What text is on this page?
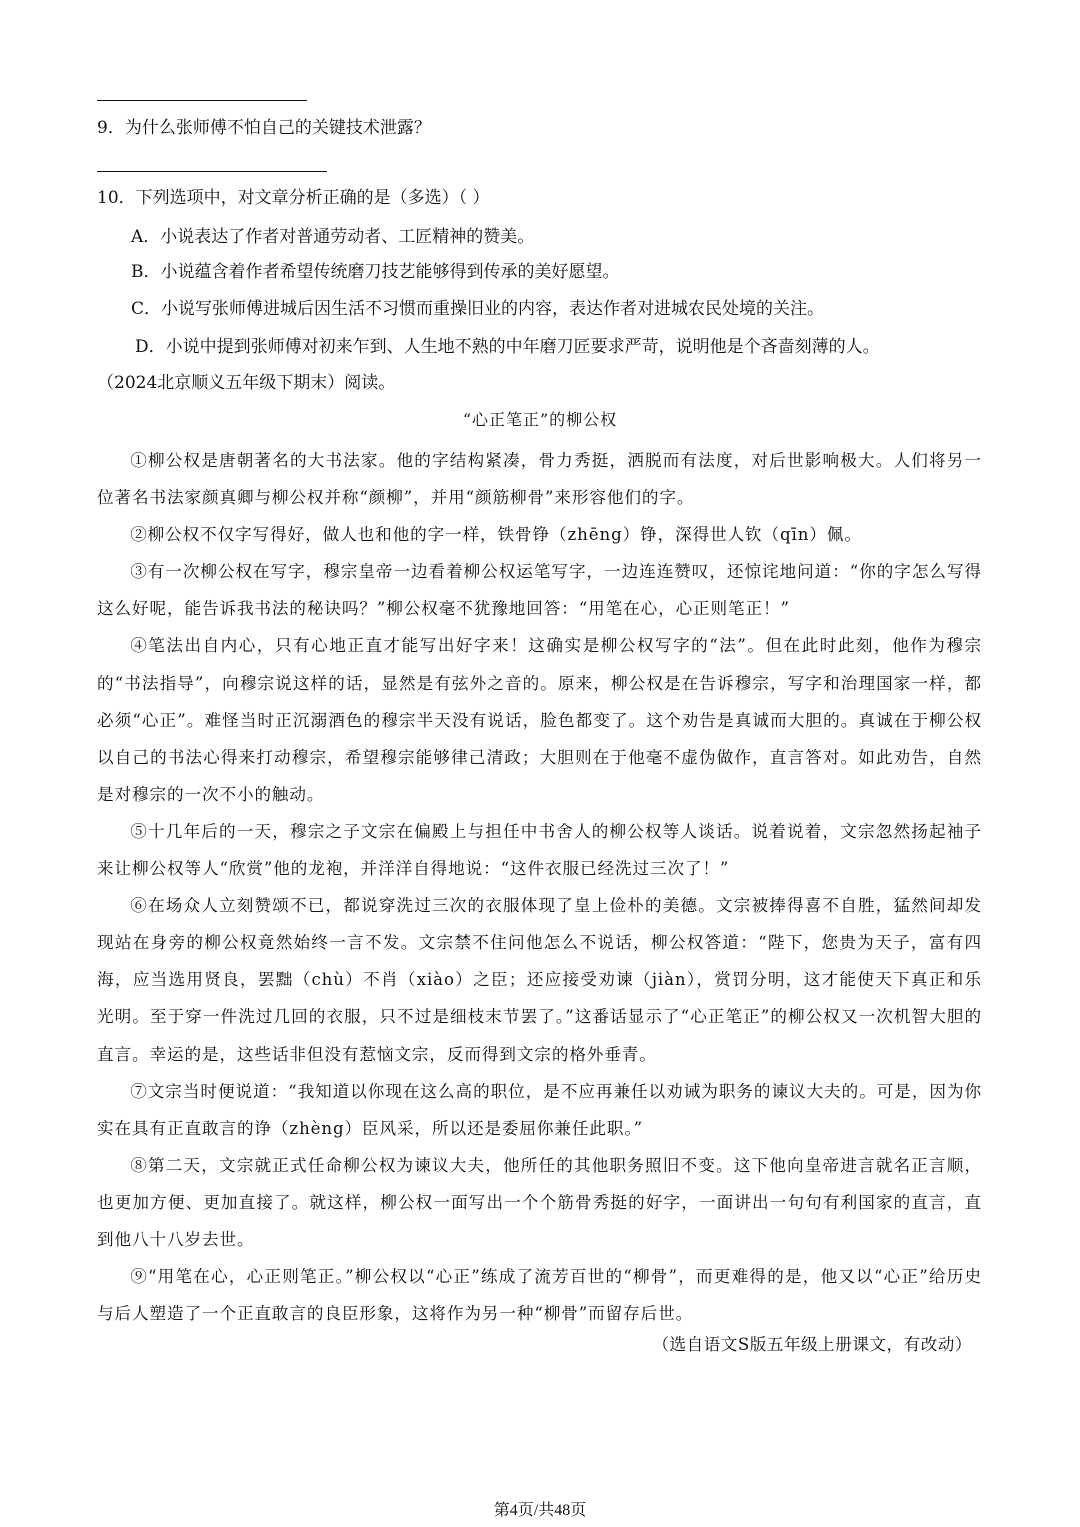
9．为什么张师傅不怕自己的关键技术泄露？
10．下列选项中，对文章分析正确的是（多选）（ ）
A．小说表达了作者对普通劳动者、工匠精神的赞美。
B．小说蕴含着作者希望传统磨刀技艺能够得到传承的美好愿望。
C．小说写张师傅进城后因生活不习惯而重操旧业的内容，表达作者对进城农民处境的关注。
D．小说中提到张师傅对初来乍到、人生地不熟的中年磨刀匠要求严苛，说明他是个吝啬刻薄的人。
（2024北京顺义五年级下期末）阅读。
“心正笔正”的柳公权

①柳公权是唐朝著名的大书法家。他的字结构紧凑，骨力秀挺，洒脱而有法度，对后世影响极大。人们将另一位著名书法家颜真卿与柳公权并称“颜柳”，并用“颜筋柳骨”来形容他们的字。

②柳公权不仅字写得好，做人也和他的字一样，铁骨铮（zhēng）铮，深得世人钦（qīn）佩。

③有一次柳公权在写字，穆宗皇帝一边看着柳公权运笔写字，一边连连赞叹，还惊诧地问道：“你的字怎么写得这么好呢，能告诉我书法的秘诀吗？”柳公权毫不犹豫地回答：“用笔在心，心正则笔正！”

④笔法出自内心，只有心地正直才能写出好字来！这确实是柳公权写字的“法”。但在此时此刻，他作为穆宗的“书法指导”，向穆宗说这样的话，显然是有弦外之音的。原来，柳公权是在告诉穆宗，写字和治理国家一样，都必须“心正”。难怪当时正沉溺酒色的穆宗半天没有说话，脸色都变了。这个劝告是真诚而大胆的。真诚在于柳公权以自己的书法心得来打动穆宗，希望穆宗能够律己清政；大胆则在于他毫不虚伪做作，直言答对。如此劝告，自然是对穆宗的一次不小的触动。

⑤十几年后的一天，穆宗之子文宗在偏殿上与担任中书舍人的柳公权等人谈话。说着说着，文宗忽然扬起袖子来让柳公权等人“欣赏”他的龙袍，并洋洋自得地说：“这件衣服已经洗过三次了！”

⑥在场众人立刻赞颂不已，都说穿洗过三次的衣服体现了皇上俭朴的美德。文宗被捧得喜不自胜，猛然间却发现站在身旁的柳公权竟然始终一言不发。文宗禁不住问他怎么不说话，柳公权答道：“陛下，您贵为天子，富有四海，应当选用贤良，罢黜（chù）不肖（xiào）之臣；还应接受劝谏（jiàn），赏罚分明，这才能使天下真正和乐光明。至于穿一件洗过几回的衣服，只不过是细枝末节罢了。”这番话显示了“心正笔正”的柳公权又一次机智大胆的直言。幸运的是，这些话非但没有惹恼文宗，反而得到文宗的格外垂青。

⑦文宗当时便说道：“我知道以你现在这么高的职位，是不应再兼任以劝诫为职务的谏议大夫的。可是，因为你实在具有正直敢言的诤（zhèng）臣风采，所以还是委屈你兼任此职。”

⑧第二天，文宗就正式任命柳公权为谏议大夫，他所任的其他职务照旧不变。这下他向皇帝进言就名正言顺，也更加方便、更加直接了。就这样，柳公权一面写出一个个筋骨秀挺的好字，一面讲出一句句有利国家的直言，直到他八十八岁去世。

⑨“用笔在心，心正则笔正。”柳公权以“心正”练成了流芳百世的“柳骨”，而更难得的是，他又以“心正”给历史与后人塑造了一个正直敢言的良臣形象，这将作为另一种“柳骨”而留存后世。

（选自语文S版五年级上册课文，有改动）
第4页/共48页
